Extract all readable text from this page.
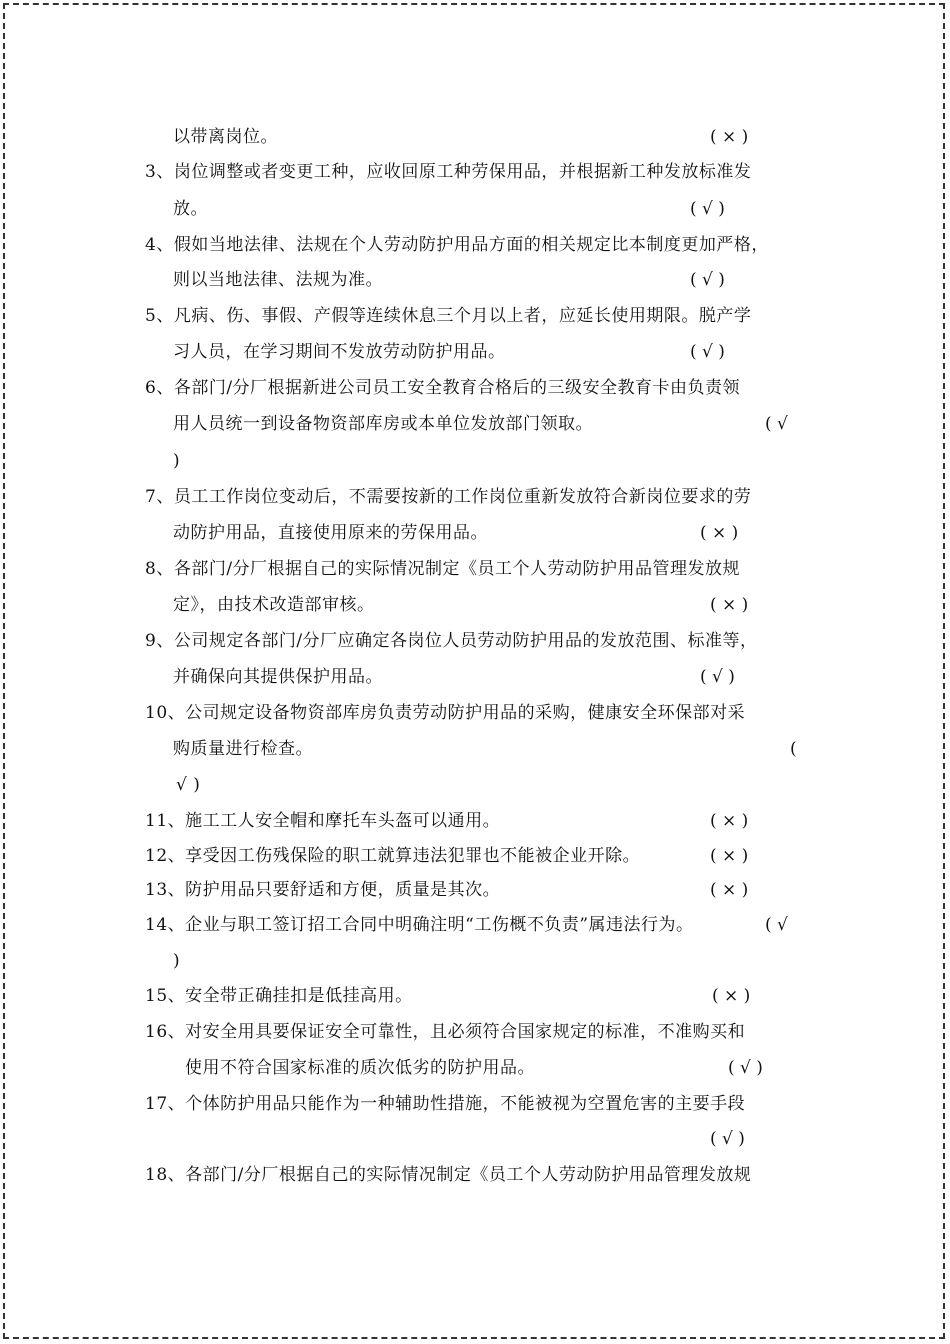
以带离岗位。
3、岗位调整或者变更工种，应收回原工种劳保用品，并根据新工种发放标准发
放。
4、假如当地法律、法规在个人劳动防护用品方面的相关规定比本制度更加严格，
则以当地法律、法规为准。
5、凡病、伤、事假、产假等连续休息三个月以上者，应延长使用期限。脱产学
习人员，在学习期间不发放劳动防护用品。
6、各部门/分厂根据新进公司员工安全教育合格后的三级安全教育卡由负责领
用人员统一到设备物资部库房或本单位发放部门领取。
)
7、员工工作岗位变动后，不需要按新的工作岗位重新发放符合新岗位要求的劳
动防护用品，直接使用原来的劳保用品。
8、各部门/分厂根据自己的实际情况制定《员工个人劳动防护用品管理发放规
定》，由技术改造部审核。
9、公司规定各部门/分厂应确定各岗位人员劳动防护用品的发放范围、标准等，
并确保向其提供保护用品。
10、公司规定设备物资部库房负责劳动防护用品的采购，健康安全环保部对采
购质量进行检查。
√ )
11、施工工人安全帽和摩托车头盔可以通用。
12、享受因工伤残保险的职工就算违法犯罪也不能被企业开除。
13、防护用品只要舒适和方便，质量是其次。
14、企业与职工签订招工合同中明确注明“工伤概不负责”属违法行为。
)
15、安全带正确挂扣是低挂高用。
16、对安全用具要保证安全可靠性，且必须符合国家规定的标准，不准购买和
使用不符合国家标准的质次低劣的防护用品。
17、个体防护用品只能作为一种辅助性措施，不能被视为空置危害的主要手段
18、各部门/分厂根据自己的实际情况制定《员工个人劳动防护用品管理发放规
( × )
( √ )
( √ )
( √ )
( √
( × )
( × )
( √ )
(
( × )
( × )
( × )
( √
( × )
( √ )
( √ )
